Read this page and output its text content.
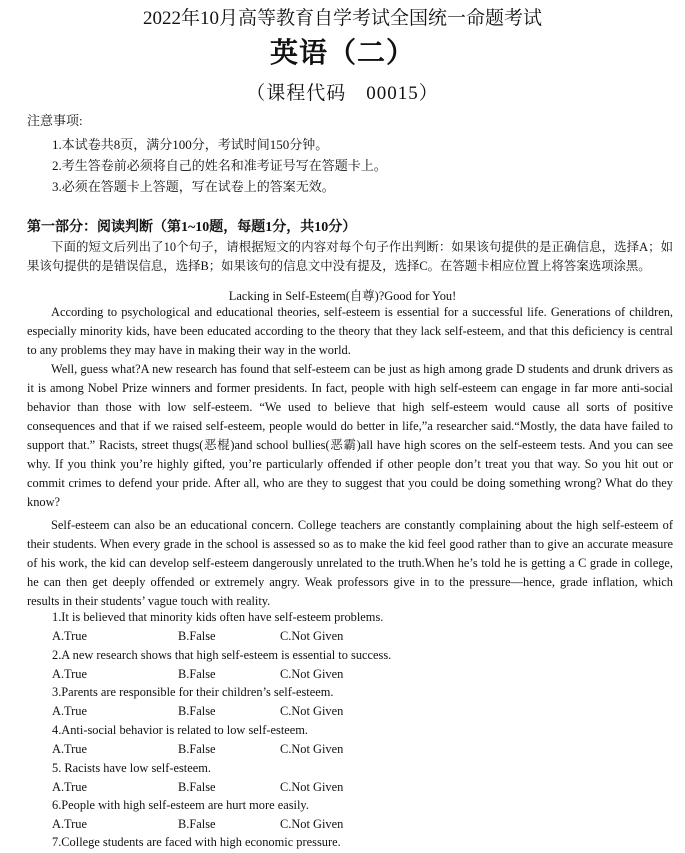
2022年10月高等教育自学考试全国统一命题考试
英语（二）
（课程代码　00015）
注意事项:
1.本试卷共8页，满分100分，考试时间150分钟。
2.考生答卷前必须将自己的姓名和准考证号写在答题卡上。
3.必须在答题卡上答题，写在试卷上的答案无效。
第一部分：阅读判断（第1~10题，每题1分，共10分）
下面的短文后列出了10个句子，请根据短文的内容对每个句子作出判断：如果该句提供的是正确信息，选择A；如果该句提供的是错误信息，选择B；如果该句的信息文中没有提及，选择C。在答题卡相应位置上将答案选项涂黑。
Lacking in Self-Esteem(自尊)?Good for You!
According to psychological and educational theories, self-esteem is essential for a successful life. Generations of children, especially minority kids, have been educated according to the theory that they lack self-esteem, and that this deficiency is central to any problems they may have in making their way in the world.
Well, guess what?A new research has found that self-esteem can be just as high among grade D students and drunk drivers as it is among Nobel Prize winners and former presidents. In fact, people with high self-esteem can engage in far more anti-social behavior than those with low self-esteem. “We used to believe that high self-esteem would cause all sorts of positive consequences and that if we raised self-esteem, people would do better in life,”a researcher said.“Mostly, the data have failed to support that.” Racists, street thugs(恶棍)and school bullies(恶霸)all have high scores on the self-esteem tests. And you can see why. If you think you’re highly gifted, you’re particularly offended if other people don’t treat you that way. So you hit out or commit crimes to defend your pride. After all, who are they to suggest that you could be doing something wrong? What do they know?
Self-esteem can also be an educational concern. College teachers are constantly complaining about the high self-esteem of their students. When every grade in the school is assessed so as to make the kid feel good rather than to give an accurate measure of his work, the kid can develop self-esteem dangerously unrelated to the truth.When he’s told he is getting a C grade in college, he can then get deeply offended or extremely angry. Weak professors give in to the pressure—hence, grade inflation, which results in their students’ vague touch with reality.
1.It is believed that minority kids often have self-esteem problems.
A.True	B.False	C.Not Given
2.A new research shows that high self-esteem is essential to success.
A.True	B.False	C.Not Given
3.Parents are responsible for their children’s self-esteem.
A.True	B.False	C.Not Given
4.Anti-social behavior is related to low self-esteem.
A.True	B.False	C.Not Given
5. Racists have low self-esteem.
A.True	B.False	C.Not Given
6.People with high self-esteem are hurt more easily.
A.True	B.False	C.Not Given
7.College students are faced with high economic pressure.
